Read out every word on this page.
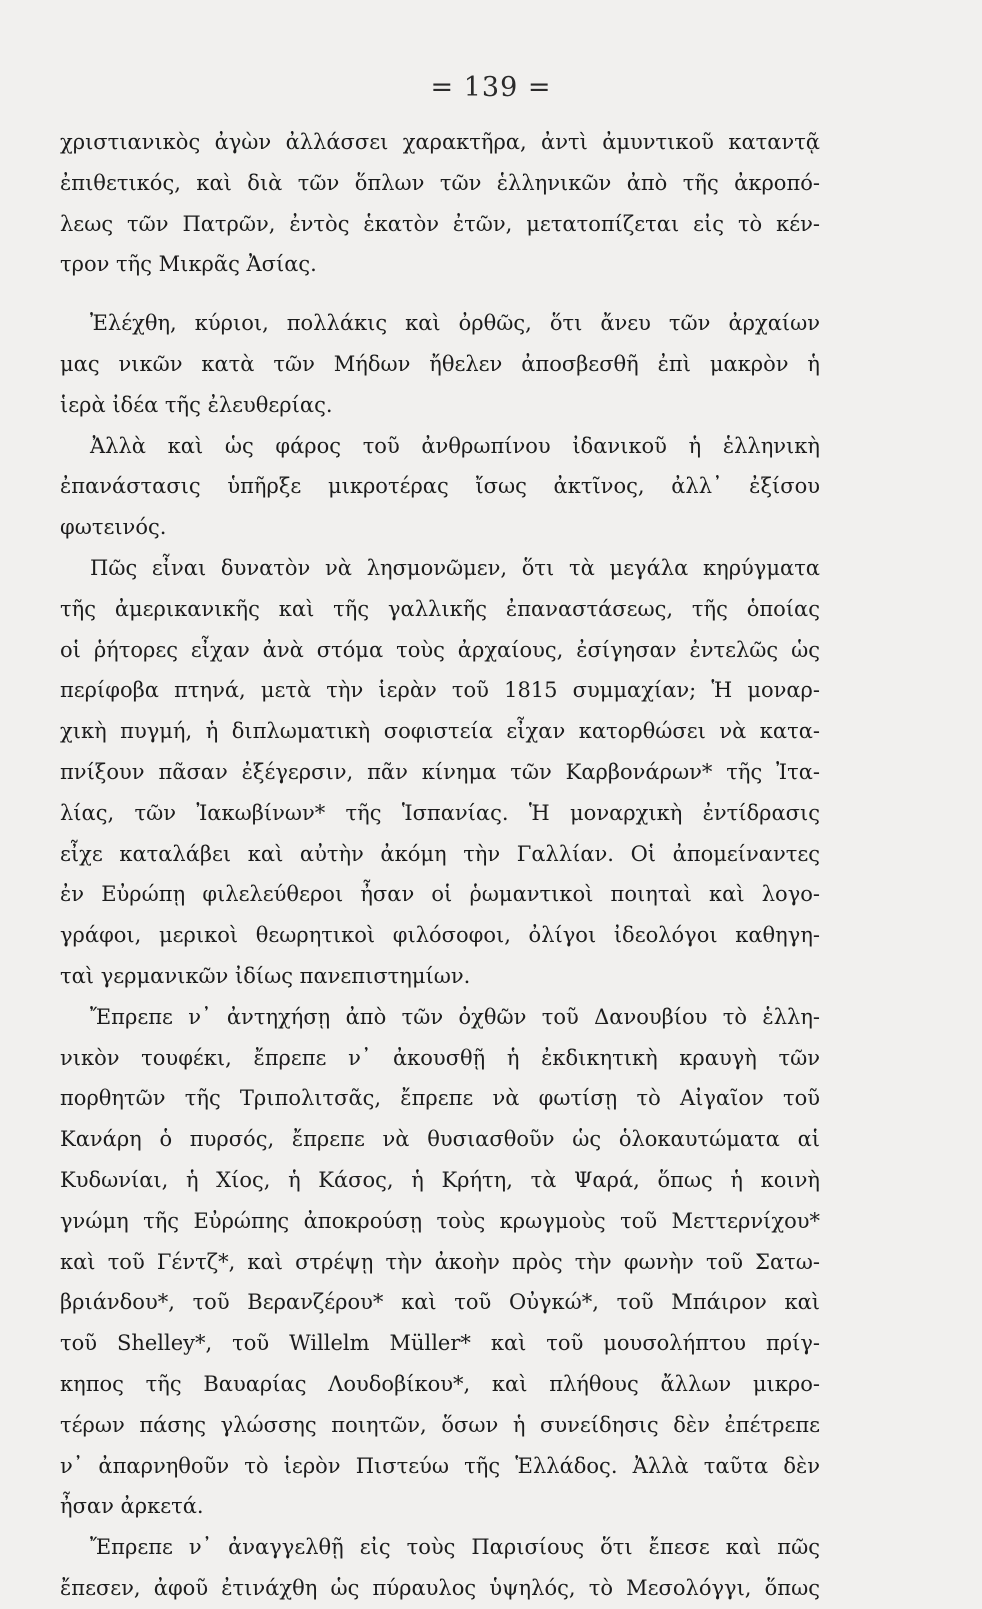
= 139 =
χριστιανικὸς ἀγὼν ἀλλάσσει χαρακτῆρα, ἀντὶ ἀμυντικοῦ καταντᾷ
ἐπιθετικός, καὶ διὰ τῶν ὅπλων τῶν ἑλληνικῶν ἀπὸ τῆς ἀκροπό-
λεως τῶν Πατρῶν, ἐντὸς ἑκατὸν ἐτῶν, μετατοπίζεται εἰς τὸ κέν-
τρον τῆς Μικρᾶς Ἀσίας.
Ἐλέχθη, κύριοι, πολλάκις καὶ ὀρθῶς, ὅτι ἄνευ τῶν ἀρχαίων
μας νικῶν κατὰ τῶν Μήδων ἤθελεν ἀποσβεσθῆ ἐπὶ μακρὸν ἡ
ἱερὰ ἰδέα τῆς ἐλευθερίας.
Ἀλλὰ καὶ ὡς φάρος τοῦ ἀνθρωπίνου ἰδανικοῦ ἡ ἑλληνικὴ
ἐπανάστασις ὑπῆρξε μικροτέρας ἴσως ἀκτῖνος, ἀλλ᾿ ἐξίσου
φωτεινός.
Πῶς εἶναι δυνατὸν νὰ λησμονῶμεν, ὅτι τὰ μεγάλα κηρύγματα
τῆς ἀμερικανικῆς καὶ τῆς γαλλικῆς ἐπαναστάσεως, τῆς ὁποίας
οἱ ῥήτορες εἶχαν ἀνὰ στόμα τοὺς ἀρχαίους, ἐσίγησαν ἐντελῶς ὡς
περίφοβα πτηνά, μετὰ τὴν ἱερὰν τοῦ 1815 συμμαχίαν; Ἡ μοναρ-
χικὴ πυγμή, ἡ διπλωματικὴ σοφιστεία εἶχαν κατορθώσει νὰ κατα-
πνίξουν πᾶσαν ἐξέγερσιν, πᾶν κίνημα τῶν Καρβονάρων* τῆς Ἰτα-
λίας, τῶν Ἰακωβίνων* τῆς Ἱσπανίας. Ἡ μοναρχικὴ ἐντίδρασις
εἶχε καταλάβει καὶ αὐτὴν ἀκόμη τὴν Γαλλίαν. Οἱ ἀπομείναντες
ἐν Εὐρώπῃ φιλελεύθεροι ἦσαν οἱ ῥωμαντικοὶ ποιηταὶ καὶ λογο-
γράφοι, μερικοὶ θεωρητικοὶ φιλόσοφοι, ὀλίγοι ἰδεολόγοι καθηγη-
ταὶ γερμανικῶν ἰδίως πανεπιστημίων.
Ἔπρεπε ν᾿ ἀντηχήσῃ ἀπὸ τῶν ὀχθῶν τοῦ Δανουβίου τὸ ἑλλη-
νικὸν τουφέκι, ἔπρεπε ν᾿ ἀκουσθῇ ἡ ἐκδικητικὴ κραυγὴ τῶν
πορθητῶν τῆς Τριπολιτσᾶς, ἔπρεπε νὰ φωτίσῃ τὸ Αἰγαῖον τοῦ
Κανάρη ὁ πυρσός, ἔπρεπε νὰ θυσιασθοῦν ὡς ὁλοκαυτώματα αἱ
Κυδωνίαι, ἡ Χίος, ἡ Κάσος, ἡ Κρήτη, τὰ Ψαρά, ὅπως ἡ κοινὴ
γνώμη τῆς Εὐρώπης ἀποκρούσῃ τοὺς κρωγμοὺς τοῦ Μεττερνίχου*
καὶ τοῦ Γέντζ*, καὶ στρέψῃ τὴν ἀκοὴν πρὸς τὴν φωνὴν τοῦ Σατω-
βριάνδου*, τοῦ Βερανζέρου* καὶ τοῦ Οὐγκώ*, τοῦ Μπάιρον καὶ
τοῦ Shelley*, τοῦ Willelm Müller* καὶ τοῦ μουσολήπτου πρίγ-
κηπος τῆς Βαυαρίας Λουδοβίκου*, καὶ πλήθους ἄλλων μικρο-
τέρων πάσης γλώσσης ποιητῶν, ὅσων ἡ συνείδησις δὲν ἐπέτρεπε
ν᾿ ἀπαρνηθοῦν τὸ ἱερὸν Πιστεύω τῆς Ἑλλάδος. Ἀλλὰ ταῦτα δὲν
ἦσαν ἀρκετά.
Ἔπρεπε ν᾿ ἀναγγελθῇ εἰς τοὺς Παρισίους ὅτι ἔπεσε καὶ πῶς
ἔπεσεν, ἀφοῦ ἐτινάχθη ὡς πύραυλος ὑψηλός, τὸ Μεσολόγγι, ὅπως
